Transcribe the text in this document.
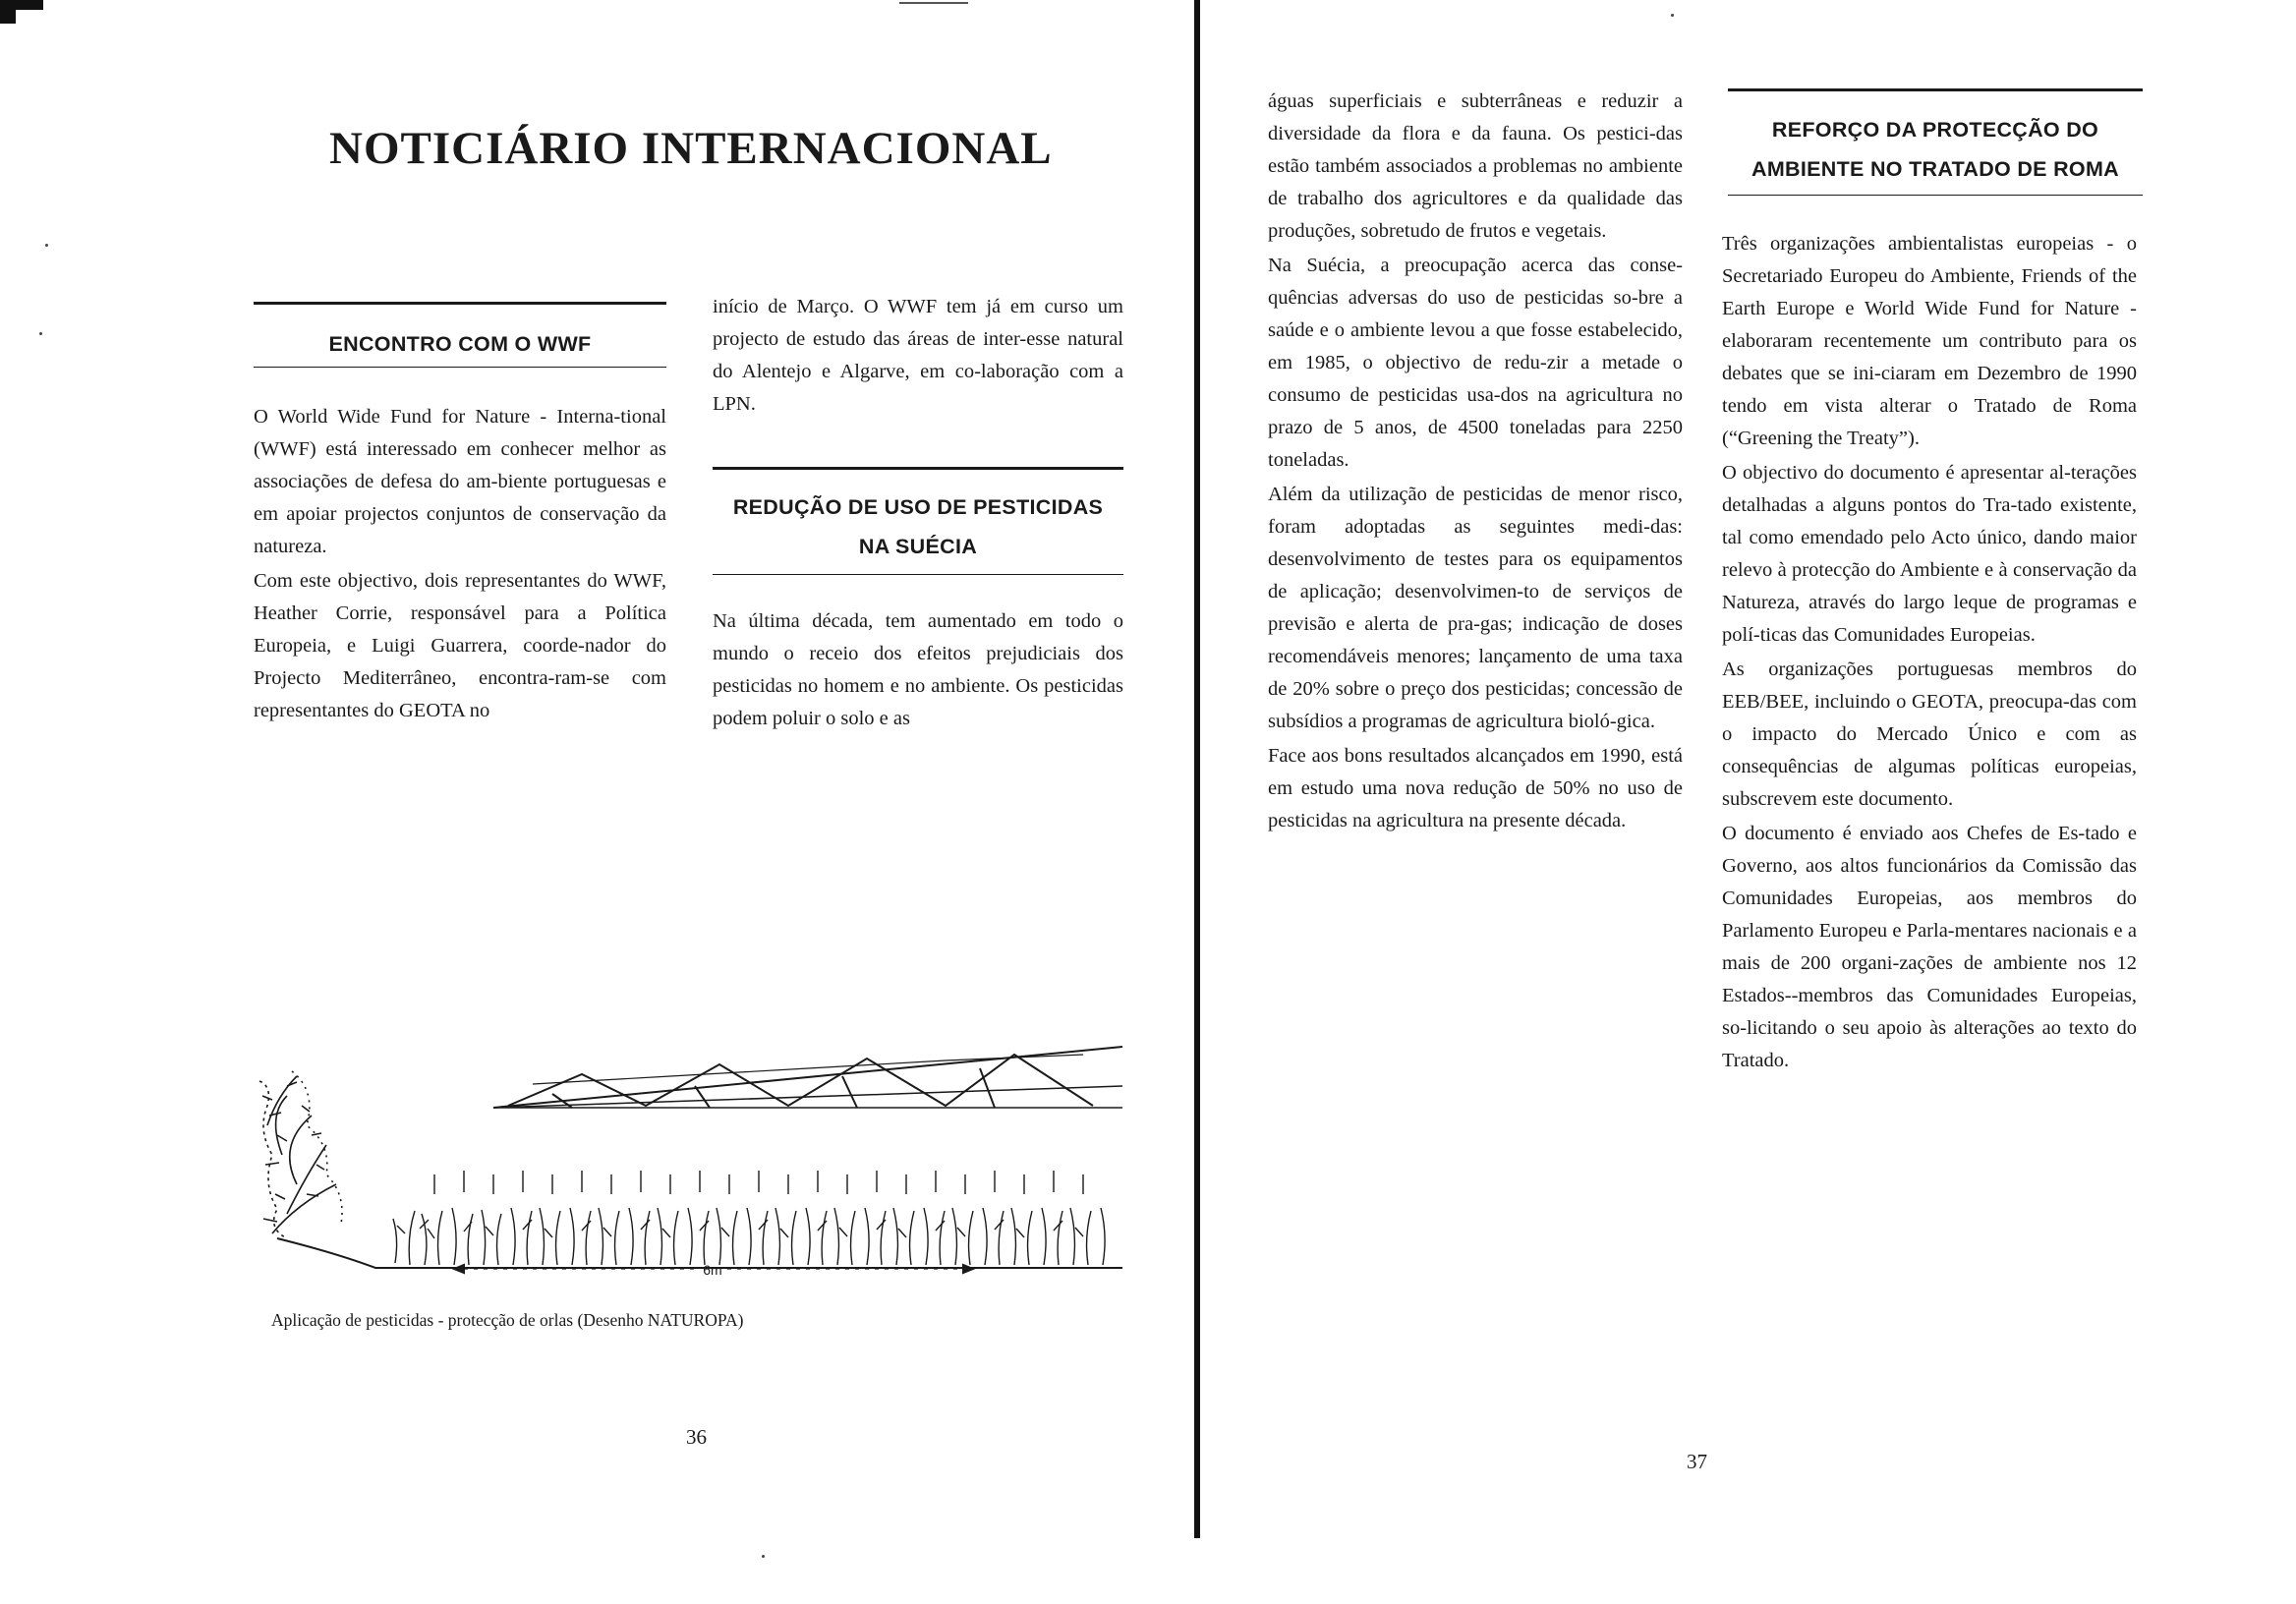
NOTICIÁRIO INTERNACIONAL
ENCONTRO COM O WWF

O World Wide Fund for Nature - Interna-tional (WWF) está interessado em conhecer melhor as associações de defesa do am-biente portuguesas e em apoiar projectos conjuntos de conservação da natureza.

Com este objectivo, dois representantes do WWF, Heather Corrie, responsável para a Política Europeia, e Luigi Guarrera, coorde-nador do Projecto Mediterrâneo, encontra-ram-se com representantes do GEOTA no

início de Março. O WWF tem já em curso um projecto de estudo das áreas de inter-esse natural do Alentejo e Algarve, em co-laboração com a LPN.

REDUÇÃO DE USO DE PESTICIDAS
NA SUÉCIA

Na última década, tem aumentado em todo o mundo o receio dos efeitos prejudiciais dos pesticidas no homem e no ambiente. Os pesticidas podem poluir o solo e as

6m
Aplicação de pesticidas - protecção de orlas (Desenho NATUROPA)
36

águas superficiais e subterrâneas e reduzir a diversidade da flora e da fauna. Os pestici-das estão também associados a problemas no ambiente de trabalho dos agricultores e da qualidade das produções, sobretudo de frutos e vegetais.

Na Suécia, a preocupação acerca das conse-quências adversas do uso de pesticidas so-bre a saúde e o ambiente levou a que fosse estabelecido, em 1985, o objectivo de redu-zir a metade o consumo de pesticidas usa-dos na agricultura no prazo de 5 anos, de 4500 toneladas para 2250 toneladas.

Além da utilização de pesticidas de menor risco, foram adoptadas as seguintes medi-das: desenvolvimento de testes para os equipamentos de aplicação; desenvolvimen-to de serviços de previsão e alerta de pra-gas; indicação de doses recomendáveis menores; lançamento de uma taxa de 20% sobre o preço dos pesticidas; concessão de subsídios a programas de agricultura bioló-gica.

Face aos bons resultados alcançados em 1990, está em estudo uma nova redução de 50% no uso de pesticidas na agricultura na presente década.

REFORÇO DA PROTECÇÃO DO
AMBIENTE NO TRATADO DE ROMA

Três organizações ambientalistas europeias - o Secretariado Europeu do Ambiente, Friends of the Earth Europe e World Wide Fund for Nature - elaboraram recentemente um contributo para os debates que se ini-ciaram em Dezembro de 1990 tendo em vista alterar o Tratado de Roma (“Greening the Treaty”).

O objectivo do documento é apresentar al-terações detalhadas a alguns pontos do Tra-tado existente, tal como emendado pelo Acto único, dando maior relevo à protecção do Ambiente e à conservação da Natureza, através do largo leque de programas e polí-ticas das Comunidades Europeias.

As organizações portuguesas membros do EEB/BEE, incluindo o GEOTA, preocupa-das com o impacto do Mercado Único e com as consequências de algumas políticas europeias, subscrevem este documento.

O documento é enviado aos Chefes de Es-tado e Governo, aos altos funcionários da Comissão das Comunidades Europeias, aos membros do Parlamento Europeu e Parla-mentares nacionais e a mais de 200 organi-zações de ambiente nos 12 Estados--membros das Comunidades Europeias, so-licitando o seu apoio às alterações ao texto do Tratado.

37
